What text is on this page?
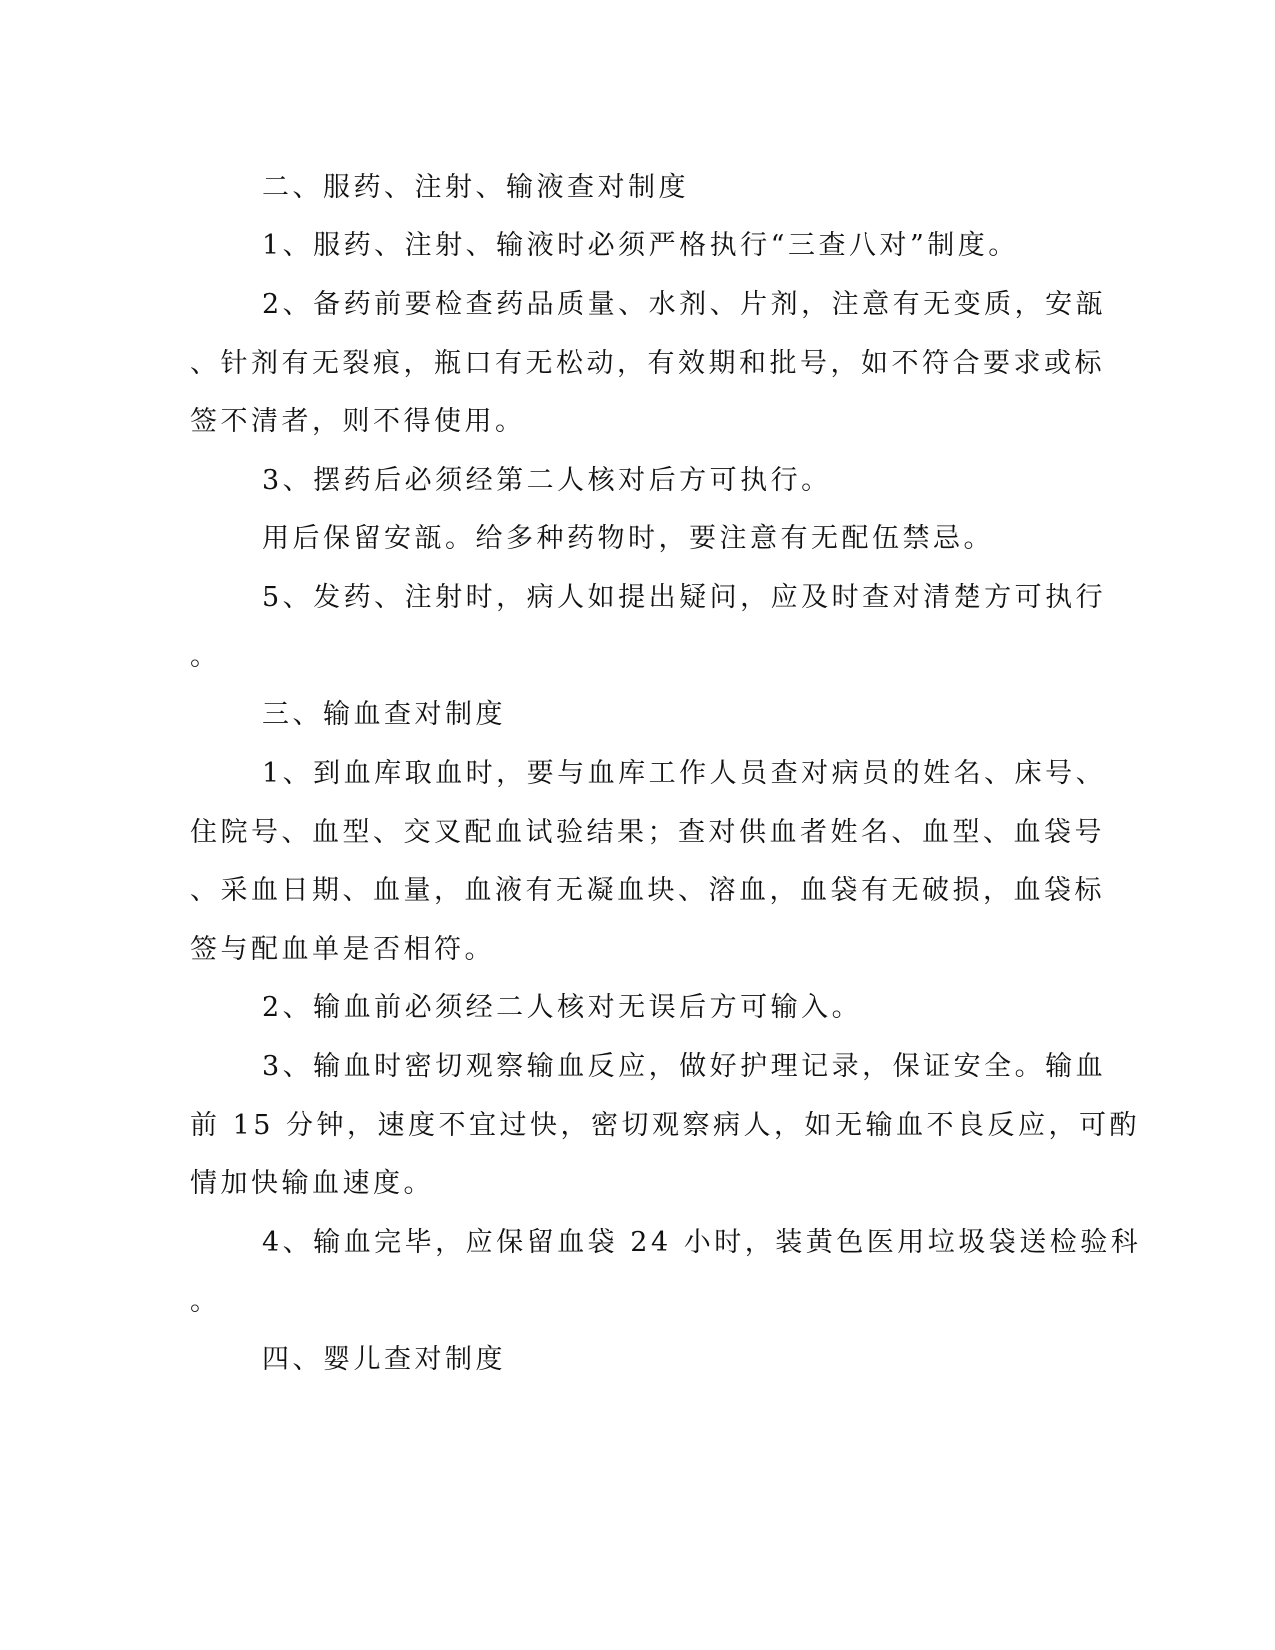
二、服药、注射、输液查对制度
1、服药、注射、输液时必须严格执行“三查八对”制度。
2、备药前要检查药品质量、水剂、片剂，注意有无变质，安瓿
、针剂有无裂痕，瓶口有无松动，有效期和批号，如不符合要求或标
签不清者，则不得使用。
3、摆药后必须经第二人核对后方可执行。
用后保留安瓿。给多种药物时，要注意有无配伍禁忌。
5、发药、注射时，病人如提出疑问，应及时查对清楚方可执行
。
三、输血查对制度
1、到血库取血时，要与血库工作人员查对病员的姓名、床号、
住院号、血型、交叉配血试验结果；查对供血者姓名、血型、血袋号
、采血日期、血量，血液有无凝血块、溶血，血袋有无破损，血袋标
签与配血单是否相符。
2、输血前必须经二人核对无误后方可输入。
3、输血时密切观察输血反应，做好护理记录，保证安全。输血
前 15 分钟，速度不宜过快，密切观察病人，如无输血不良反应，可酌
情加快输血速度。
4、输血完毕，应保留血袋 24 小时，装黄色医用垃圾袋送检验科
。
四、婴儿查对制度
